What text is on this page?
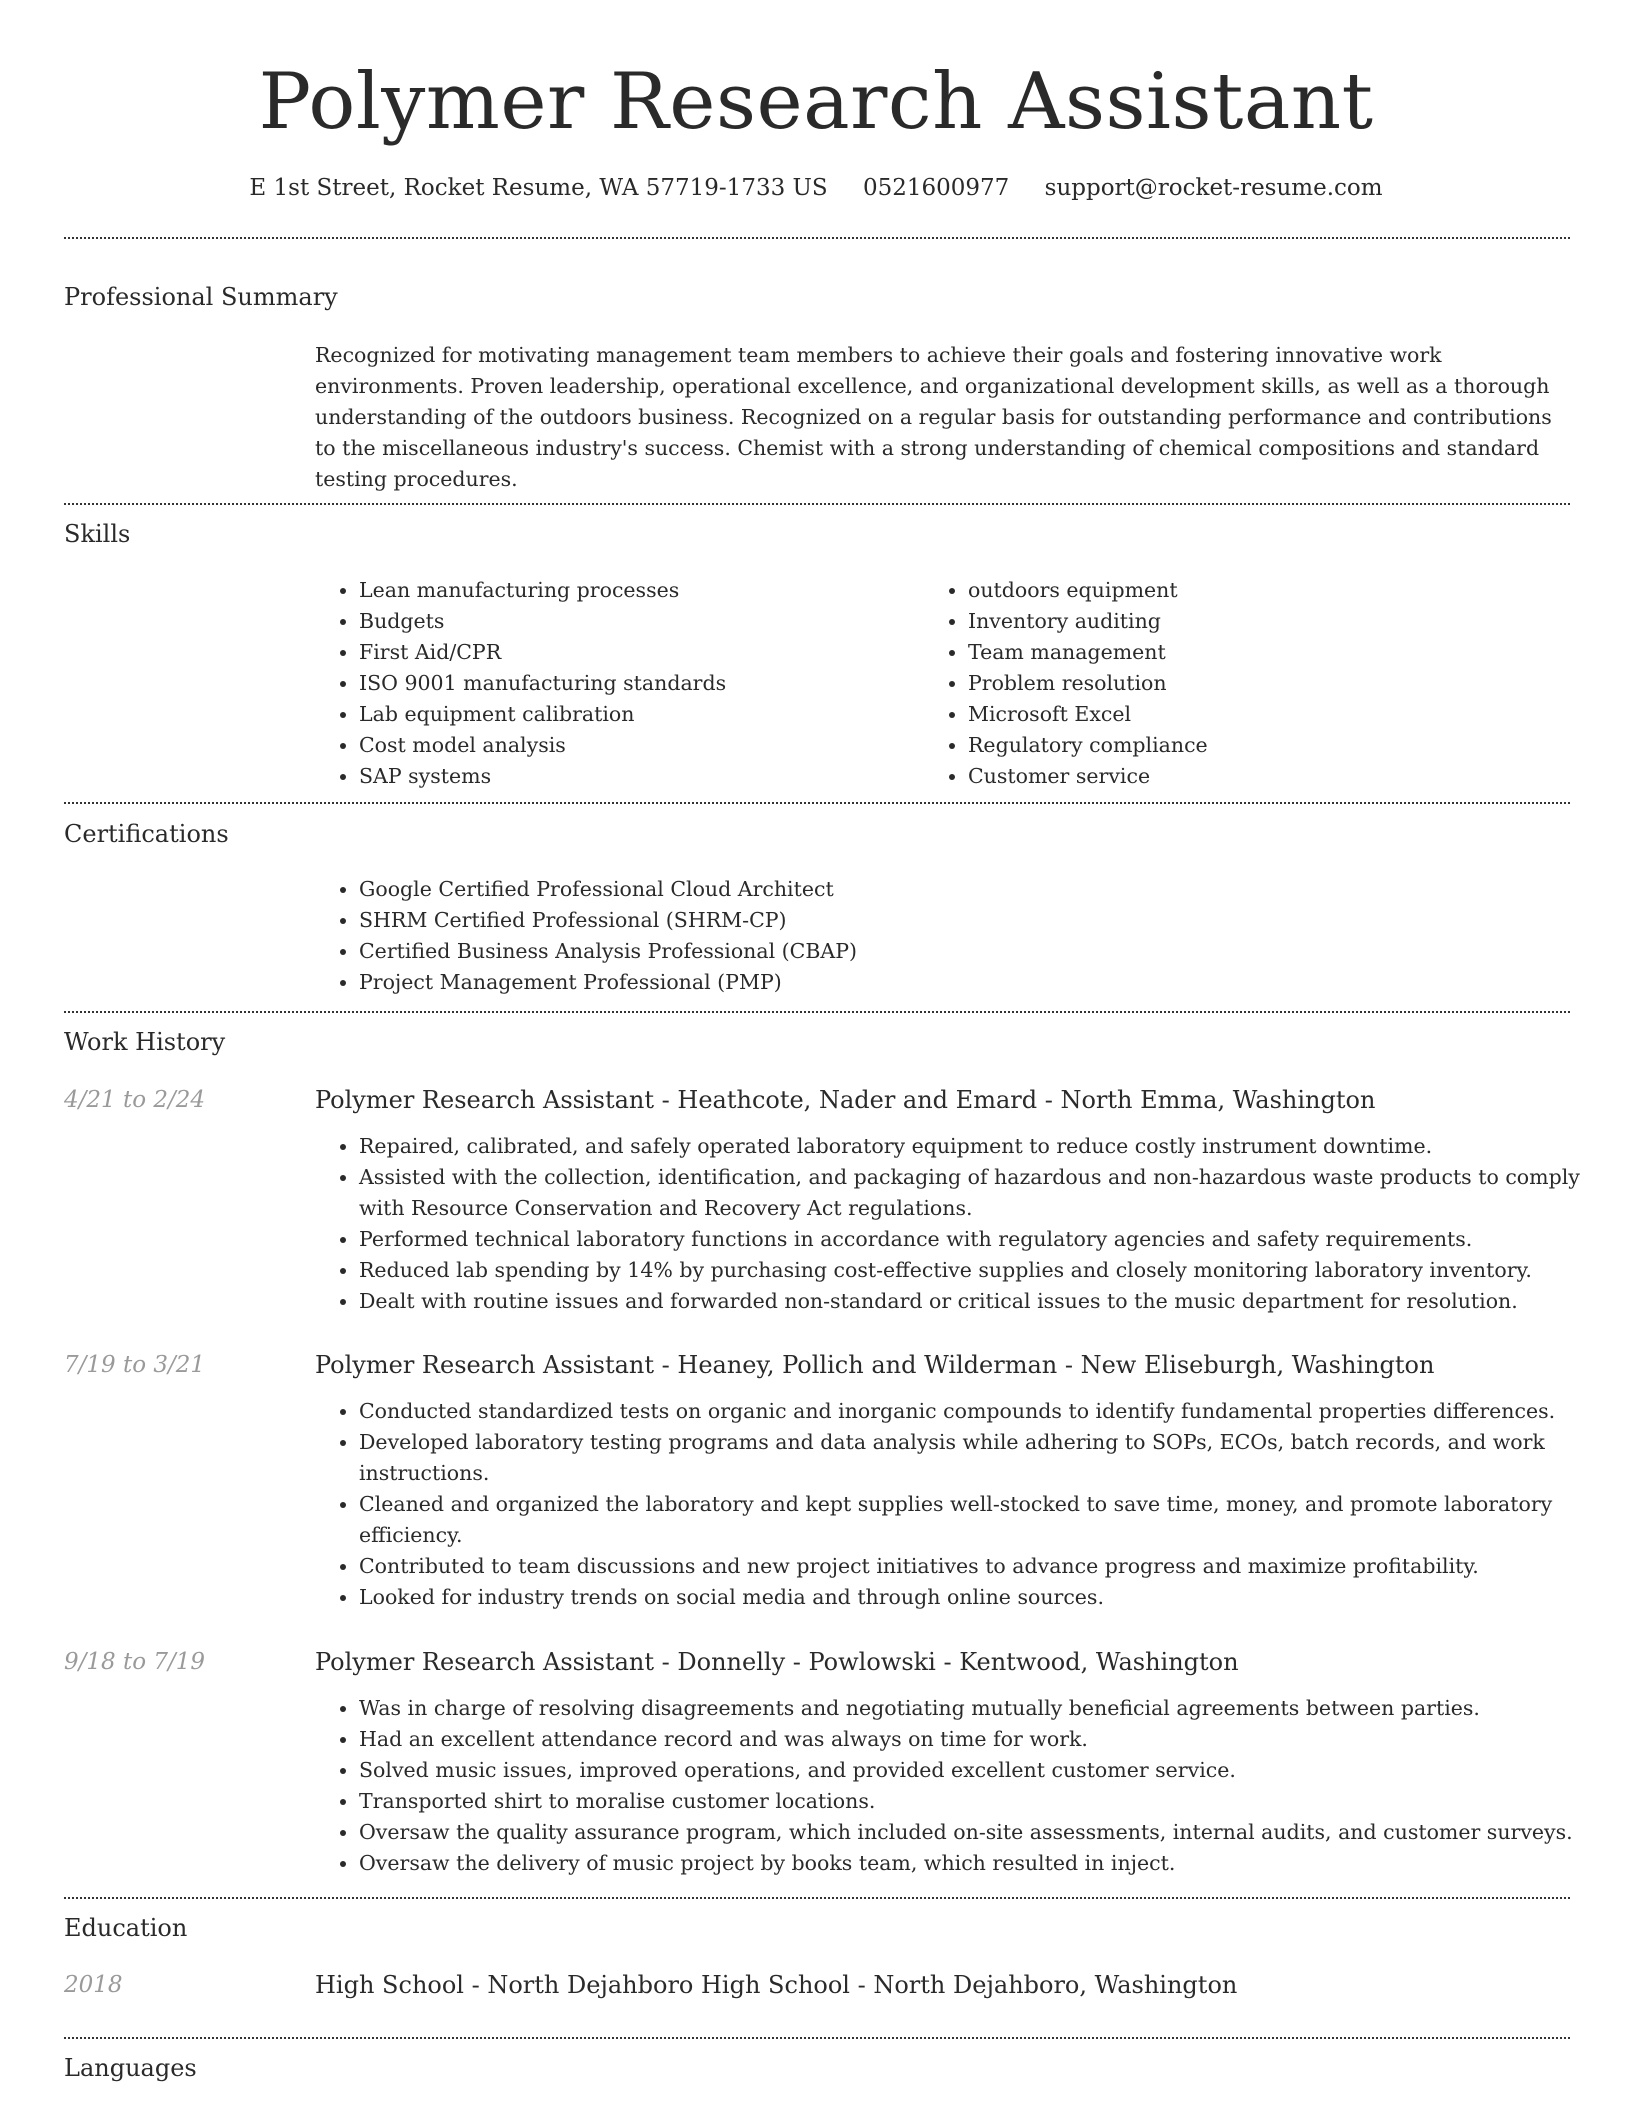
Polymer Research Assistant
E 1st Street, Rocket Resume, WA 57719-1733 US 0521600977 support@rocket-resume.com
Professional Summary

Recognized for motivating management team members to achieve their goals and fostering innovative work environments. Proven leadership, operational excellence, and organizational development skills, as well as a thorough understanding of the outdoors business. Recognized on a regular basis for outstanding performance and contributions to the miscellaneous industry's success. Chemist with a strong understanding of chemical compositions and standard testing procedures.

Skills
• Lean manufacturing processes
• Budgets
• First Aid/CPR
• ISO 9001 manufacturing standards
• Lab equipment calibration
• Cost model analysis
• SAP systems
• outdoors equipment
• Inventory auditing
• Team management
• Problem resolution
• Microsoft Excel
• Regulatory compliance
• Customer service
Certifications
• Google Certified Professional Cloud Architect
• SHRM Certified Professional (SHRM-CP)
• Certified Business Analysis Professional (CBAP)
• Project Management Professional (PMP)
Work History
4/21 to 2/24	Polymer Research Assistant - Heathcote, Nader and Emard - North Emma, Washington
• Repaired, calibrated, and safely operated laboratory equipment to reduce costly instrument downtime.
• Assisted with the collection, identification, and packaging of hazardous and non-hazardous waste products to comply with Resource Conservation and Recovery Act regulations.
• Performed technical laboratory functions in accordance with regulatory agencies and safety requirements.
• Reduced lab spending by 14% by purchasing cost-effective supplies and closely monitoring laboratory inventory.
• Dealt with routine issues and forwarded non-standard or critical issues to the music department for resolution.
7/19 to 3/21	Polymer Research Assistant - Heaney, Pollich and Wilderman - New Eliseburgh, Washington
• Conducted standardized tests on organic and inorganic compounds to identify fundamental properties differences.
• Developed laboratory testing programs and data analysis while adhering to SOPs, ECOs, batch records, and work instructions.
• Cleaned and organized the laboratory and kept supplies well-stocked to save time, money, and promote laboratory efficiency.
• Contributed to team discussions and new project initiatives to advance progress and maximize profitability.
• Looked for industry trends on social media and through online sources.
9/18 to 7/19	Polymer Research Assistant - Donnelly - Powlowski - Kentwood, Washington
• Was in charge of resolving disagreements and negotiating mutually beneficial agreements between parties.
• Had an excellent attendance record and was always on time for work.
• Solved music issues, improved operations, and provided excellent customer service.
• Transported shirt to moralise customer locations.
• Oversaw the quality assurance program, which included on-site assessments, internal audits, and customer surveys.
• Oversaw the delivery of music project by books team, which resulted in inject.
Education
2018	High School - North Dejahboro High School - North Dejahboro, Washington
Languages
